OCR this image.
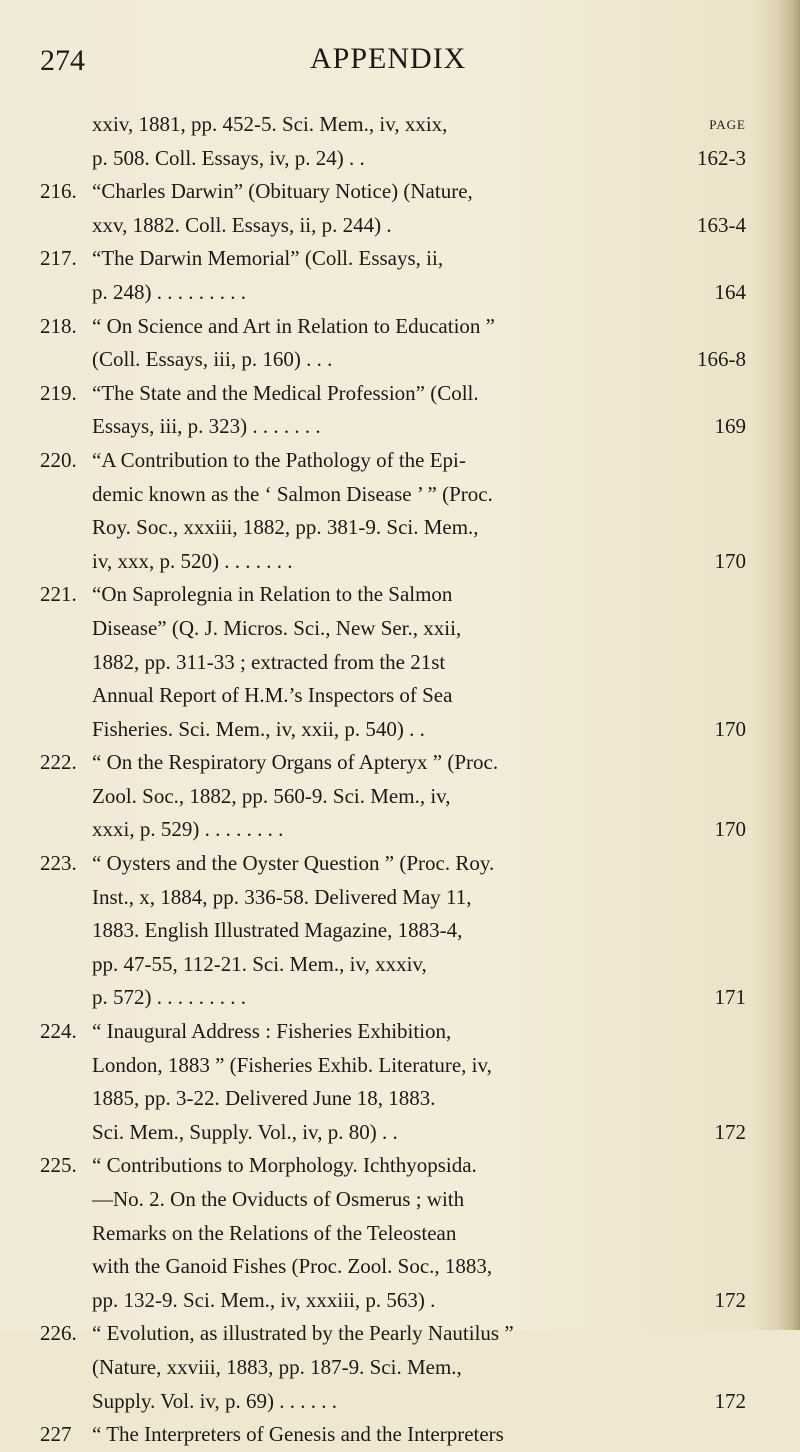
274	APPENDIX
xxiv, 1881, pp. 452-5. Sci. Mem., iv, xxix,	PAGE
p. 508. Coll. Essays, iv, p. 24) . .	162-3
216. “Charles Darwin” (Obituary Notice) (Nature,
xxv, 1882. Coll. Essays, ii, p. 244) .	163-4
217. “The Darwin Memorial” (Coll. Essays, ii,
p. 248) . . . . . . . . .	164
218. “ On Science and Art in Relation to Education ”
(Coll. Essays, iii, p. 160) . . .	166-8
219. “The State and the Medical Profession” (Coll.
Essays, iii, p. 323) . . . . . . .	169
220. “A Contribution to the Pathology of the Epi-
demic known as the ‘ Salmon Disease ’ ” (Proc.
Roy. Soc., xxxiii, 1882, pp. 381-9. Sci. Mem.,
iv, xxx, p. 520) . . . . . . .	170
221. “On Saprolegnia in Relation to the Salmon
Disease” (Q. J. Micros. Sci., New Ser., xxii,
1882, pp. 311-33 ; extracted from the 21st
Annual Report of H.M.’s Inspectors of Sea
Fisheries. Sci. Mem., iv, xxii, p. 540) . .	170
222. “ On the Respiratory Organs of Apteryx ” (Proc.
Zool. Soc., 1882, pp. 560-9. Sci. Mem., iv,
xxxi, p. 529) . . . . . . . .	170
223. “ Oysters and the Oyster Question ” (Proc. Roy.
Inst., x, 1884, pp. 336-58. Delivered May 11,
1883. English Illustrated Magazine, 1883-4,
pp. 47-55, 112-21. Sci. Mem., iv, xxxiv,
p. 572) . . . . . . . . .	171
224. “ Inaugural Address : Fisheries Exhibition,
London, 1883 ” (Fisheries Exhib. Literature, iv,
1885, pp. 3-22. Delivered June 18, 1883.
Sci. Mem., Supply. Vol., iv, p. 80) . .	172
225. “ Contributions to Morphology. Ichthyopsida.
—No. 2. On the Oviducts of Osmerus ; with
Remarks on the Relations of the Teleostean
with the Ganoid Fishes (Proc. Zool. Soc., 1883,
pp. 132-9. Sci. Mem., iv, xxxiii, p. 563) .	172
226. “ Evolution, as illustrated by the Pearly Nautilus ”
(Nature, xxviii, 1883, pp. 187-9. Sci. Mem.,
Supply. Vol. iv, p. 69) . . . . . .	172
227 “ The Interpreters of Genesis and the Interpreters
